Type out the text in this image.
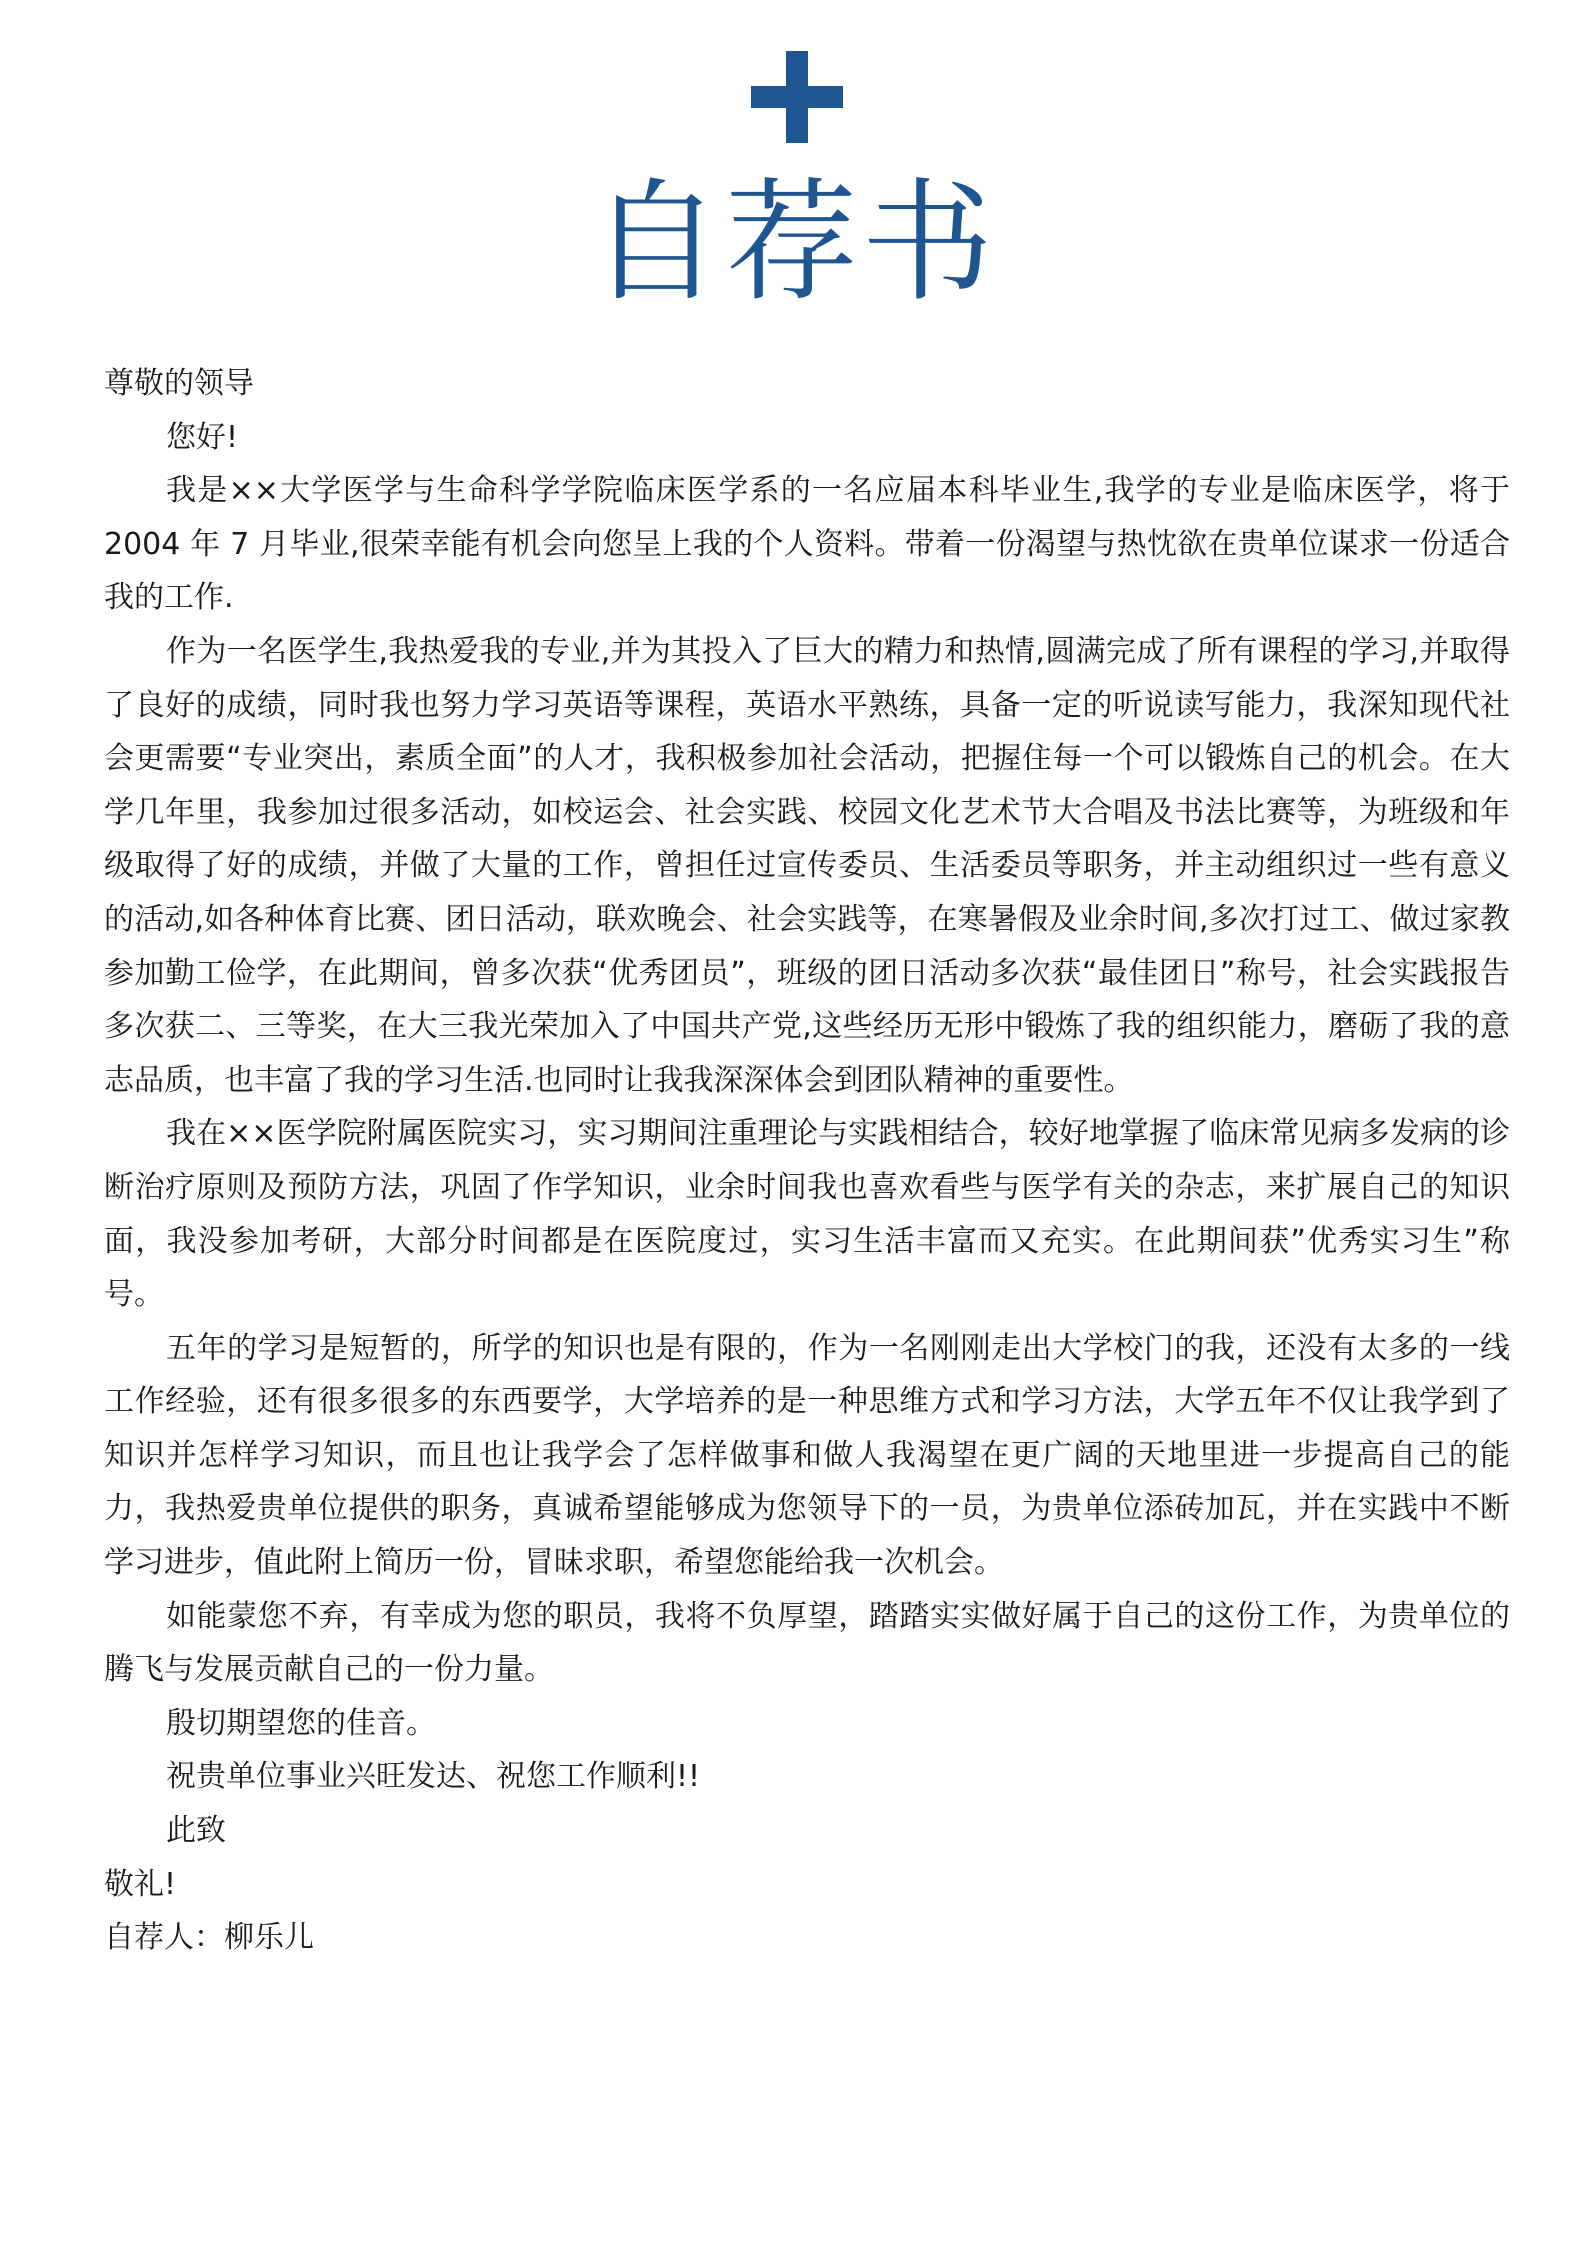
自荐书

尊敬的领导

您好!

我是××大学医学与生命科学学院临床医学系的一名应届本科毕业生,我学的专业是临床医学，将于 2004 年 7 月毕业,很荣幸能有机会向您呈上我的个人资料。带着一份渴望与热忱欲在贵单位谋求一份适合我的工作.

作为一名医学生,我热爱我的专业,并为其投入了巨大的精力和热情,圆满完成了所有课程的学习,并取得了良好的成绩，同时我也努力学习英语等课程，英语水平熟练，具备一定的听说读写能力，我深知现代社会更需要“专业突出，素质全面”的人才，我积极参加社会活动，把握住每一个可以锻炼自己的机会。在大学几年里，我参加过很多活动，如校运会、社会实践、校园文化艺术节大合唱及书法比赛等，为班级和年级取得了好的成绩，并做了大量的工作，曾担任过宣传委员、生活委员等职务，并主动组织过一些有意义的活动,如各种体育比赛、团日活动，联欢晚会、社会实践等，在寒暑假及业余时间,多次打过工、做过家教参加勤工俭学，在此期间，曾多次获“优秀团员”，班级的团日活动多次获“最佳团日”称号，社会实践报告多次获二、三等奖，在大三我光荣加入了中国共产党,这些经历无形中锻炼了我的组织能力，磨砺了我的意志品质，也丰富了我的学习生活.也同时让我我深深体会到团队精神的重要性。

我在××医学院附属医院实习，实习期间注重理论与实践相结合，较好地掌握了临床常见病多发病的诊断治疗原则及预防方法，巩固了作学知识，业余时间我也喜欢看些与医学有关的杂志，来扩展自己的知识面，我没参加考研，大部分时间都是在医院度过，实习生活丰富而又充实。在此期间获”优秀实习生”称号。

五年的学习是短暂的，所学的知识也是有限的，作为一名刚刚走出大学校门的我，还没有太多的一线工作经验，还有很多很多的东西要学，大学培养的是一种思维方式和学习方法，大学五年不仅让我学到了知识并怎样学习知识，而且也让我学会了怎样做事和做人我渴望在更广阔的天地里进一步提高自己的能力，我热爱贵单位提供的职务，真诚希望能够成为您领导下的一员，为贵单位添砖加瓦，并在实践中不断学习进步，值此附上简历一份，冒昧求职，希望您能给我一次机会。

如能蒙您不弃，有幸成为您的职员，我将不负厚望，踏踏实实做好属于自己的这份工作，为贵单位的腾飞与发展贡献自己的一份力量。

殷切期望您的佳音。

祝贵单位事业兴旺发达、祝您工作顺利!!

此致

敬礼!

自荐人：柳乐儿
